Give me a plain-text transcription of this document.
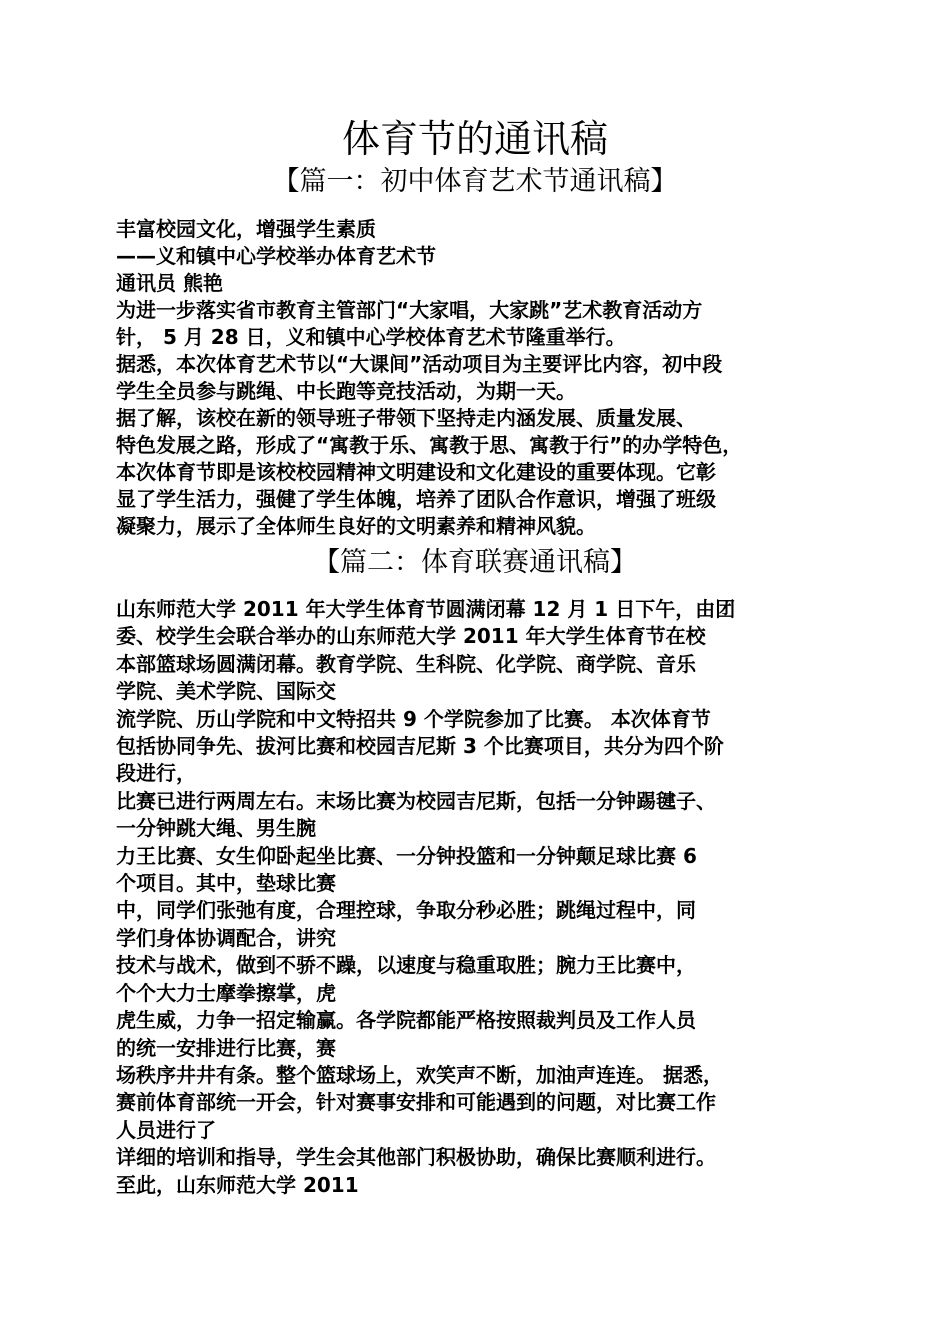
体育节的通讯稿
【篇一：初中体育艺术节通讯稿】
丰富校园文化，增强学生素质
——义和镇中心学校举办体育艺术节
通讯员 熊艳
为进一步落实省市教育主管部门“大家唱，大家跳”艺术教育活动方
针， 5 月 28 日，义和镇中心学校体育艺术节隆重举行。
据悉，本次体育艺术节以“大课间”活动项目为主要评比内容，初中段
学生全员参与跳绳、中长跑等竞技活动，为期一天。
据了解，该校在新的领导班子带领下坚持走内涵发展、质量发展、
特色发展之路，形成了“寓教于乐、寓教于思、寓教于行”的办学特色，
本次体育节即是该校校园精神文明建设和文化建设的重要体现。它彰
显了学生活力，强健了学生体魄，培养了团队合作意识，增强了班级
凝聚力，展示了全体师生良好的文明素养和精神风貌。
【篇二：体育联赛通讯稿】
山东师范大学 2011 年大学生体育节圆满闭幕 12 月 1 日下午，由团
委、校学生会联合举办的山东师范大学 2011 年大学生体育节在校
本部篮球场圆满闭幕。教育学院、生科院、化学院、商学院、音乐
学院、美术学院、国际交
流学院、历山学院和中文特招共 9 个学院参加了比赛。 本次体育节
包括协同争先、拔河比赛和校园吉尼斯 3 个比赛项目，共分为四个阶
段进行，
比赛已进行两周左右。末场比赛为校园吉尼斯，包括一分钟踢毽子、
一分钟跳大绳、男生腕
力王比赛、女生仰卧起坐比赛、一分钟投篮和一分钟颠足球比赛 6
个项目。其中，垫球比赛
中，同学们张弛有度，合理控球，争取分秒必胜；跳绳过程中，同
学们身体协调配合，讲究
技术与战术，做到不骄不躁，以速度与稳重取胜；腕力王比赛中，
个个大力士摩拳擦掌，虎
虎生威，力争一招定输赢。各学院都能严格按照裁判员及工作人员
的统一安排进行比赛，赛
场秩序井井有条。整个篮球场上，欢笑声不断，加油声连连。 据悉，
赛前体育部统一开会，针对赛事安排和可能遇到的问题，对比赛工作
人员进行了
详细的培训和指导，学生会其他部门积极协助，确保比赛顺利进行。
至此，山东师范大学 2011
